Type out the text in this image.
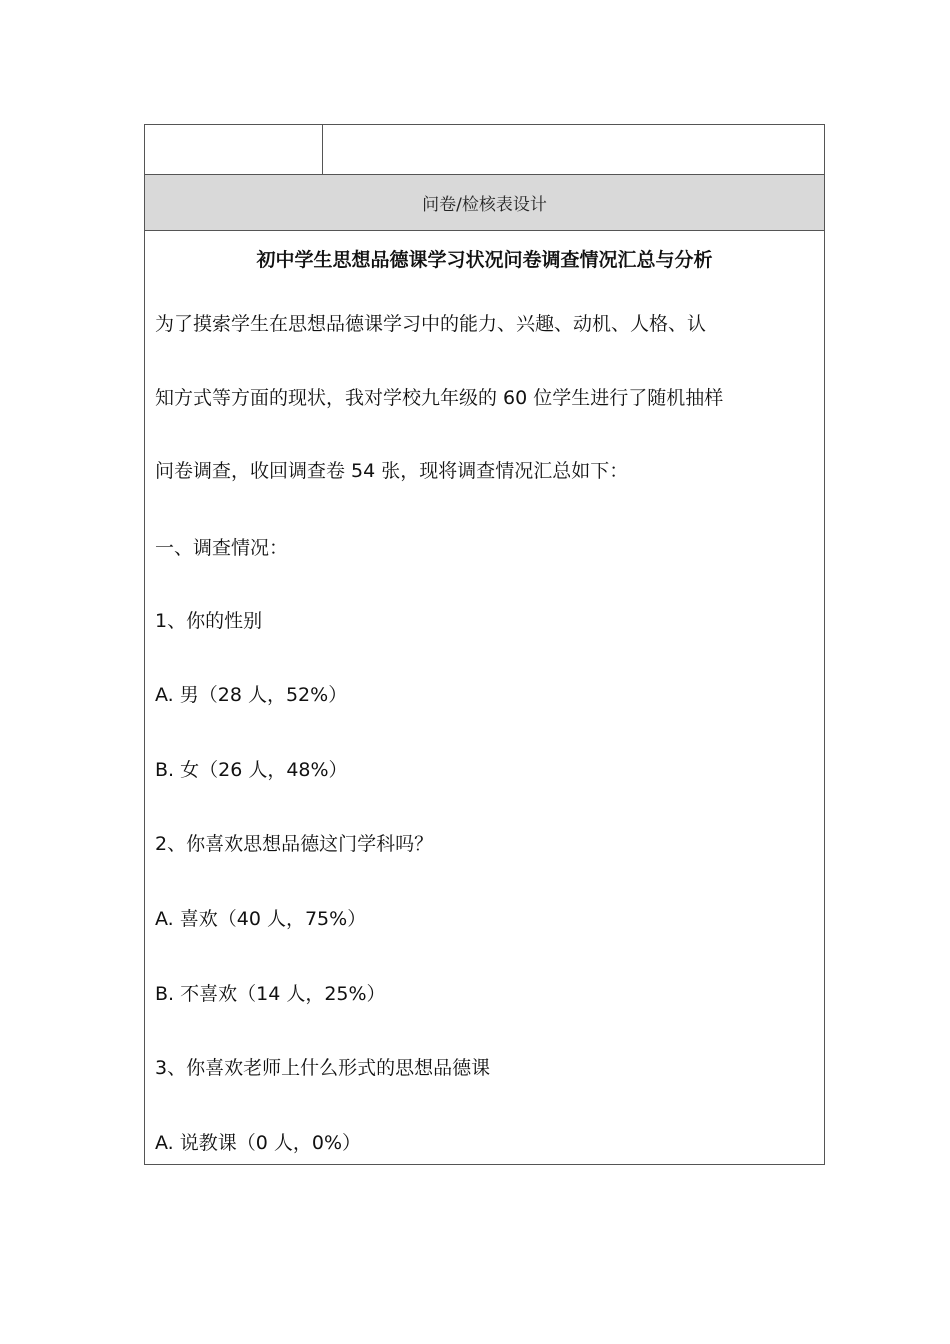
问卷/检核表设计
初中学生思想品德课学习状况问卷调查情况汇总与分析
为了摸索学生在思想品德课学习中的能力、兴趣、动机、人格、认
知方式等方面的现状，我对学校九年级的 60 位学生进行了随机抽样
问卷调查，收回调查卷 54 张，现将调查情况汇总如下：
一、调查情况：
1、你的性别
A. 男（28 人，52%）
B. 女（26 人，48%）
2、你喜欢思想品德这门学科吗？
A. 喜欢（40 人，75%）
B. 不喜欢（14 人，25%）
3、你喜欢老师上什么形式的思想品德课
A. 说教课（0 人，0%）
